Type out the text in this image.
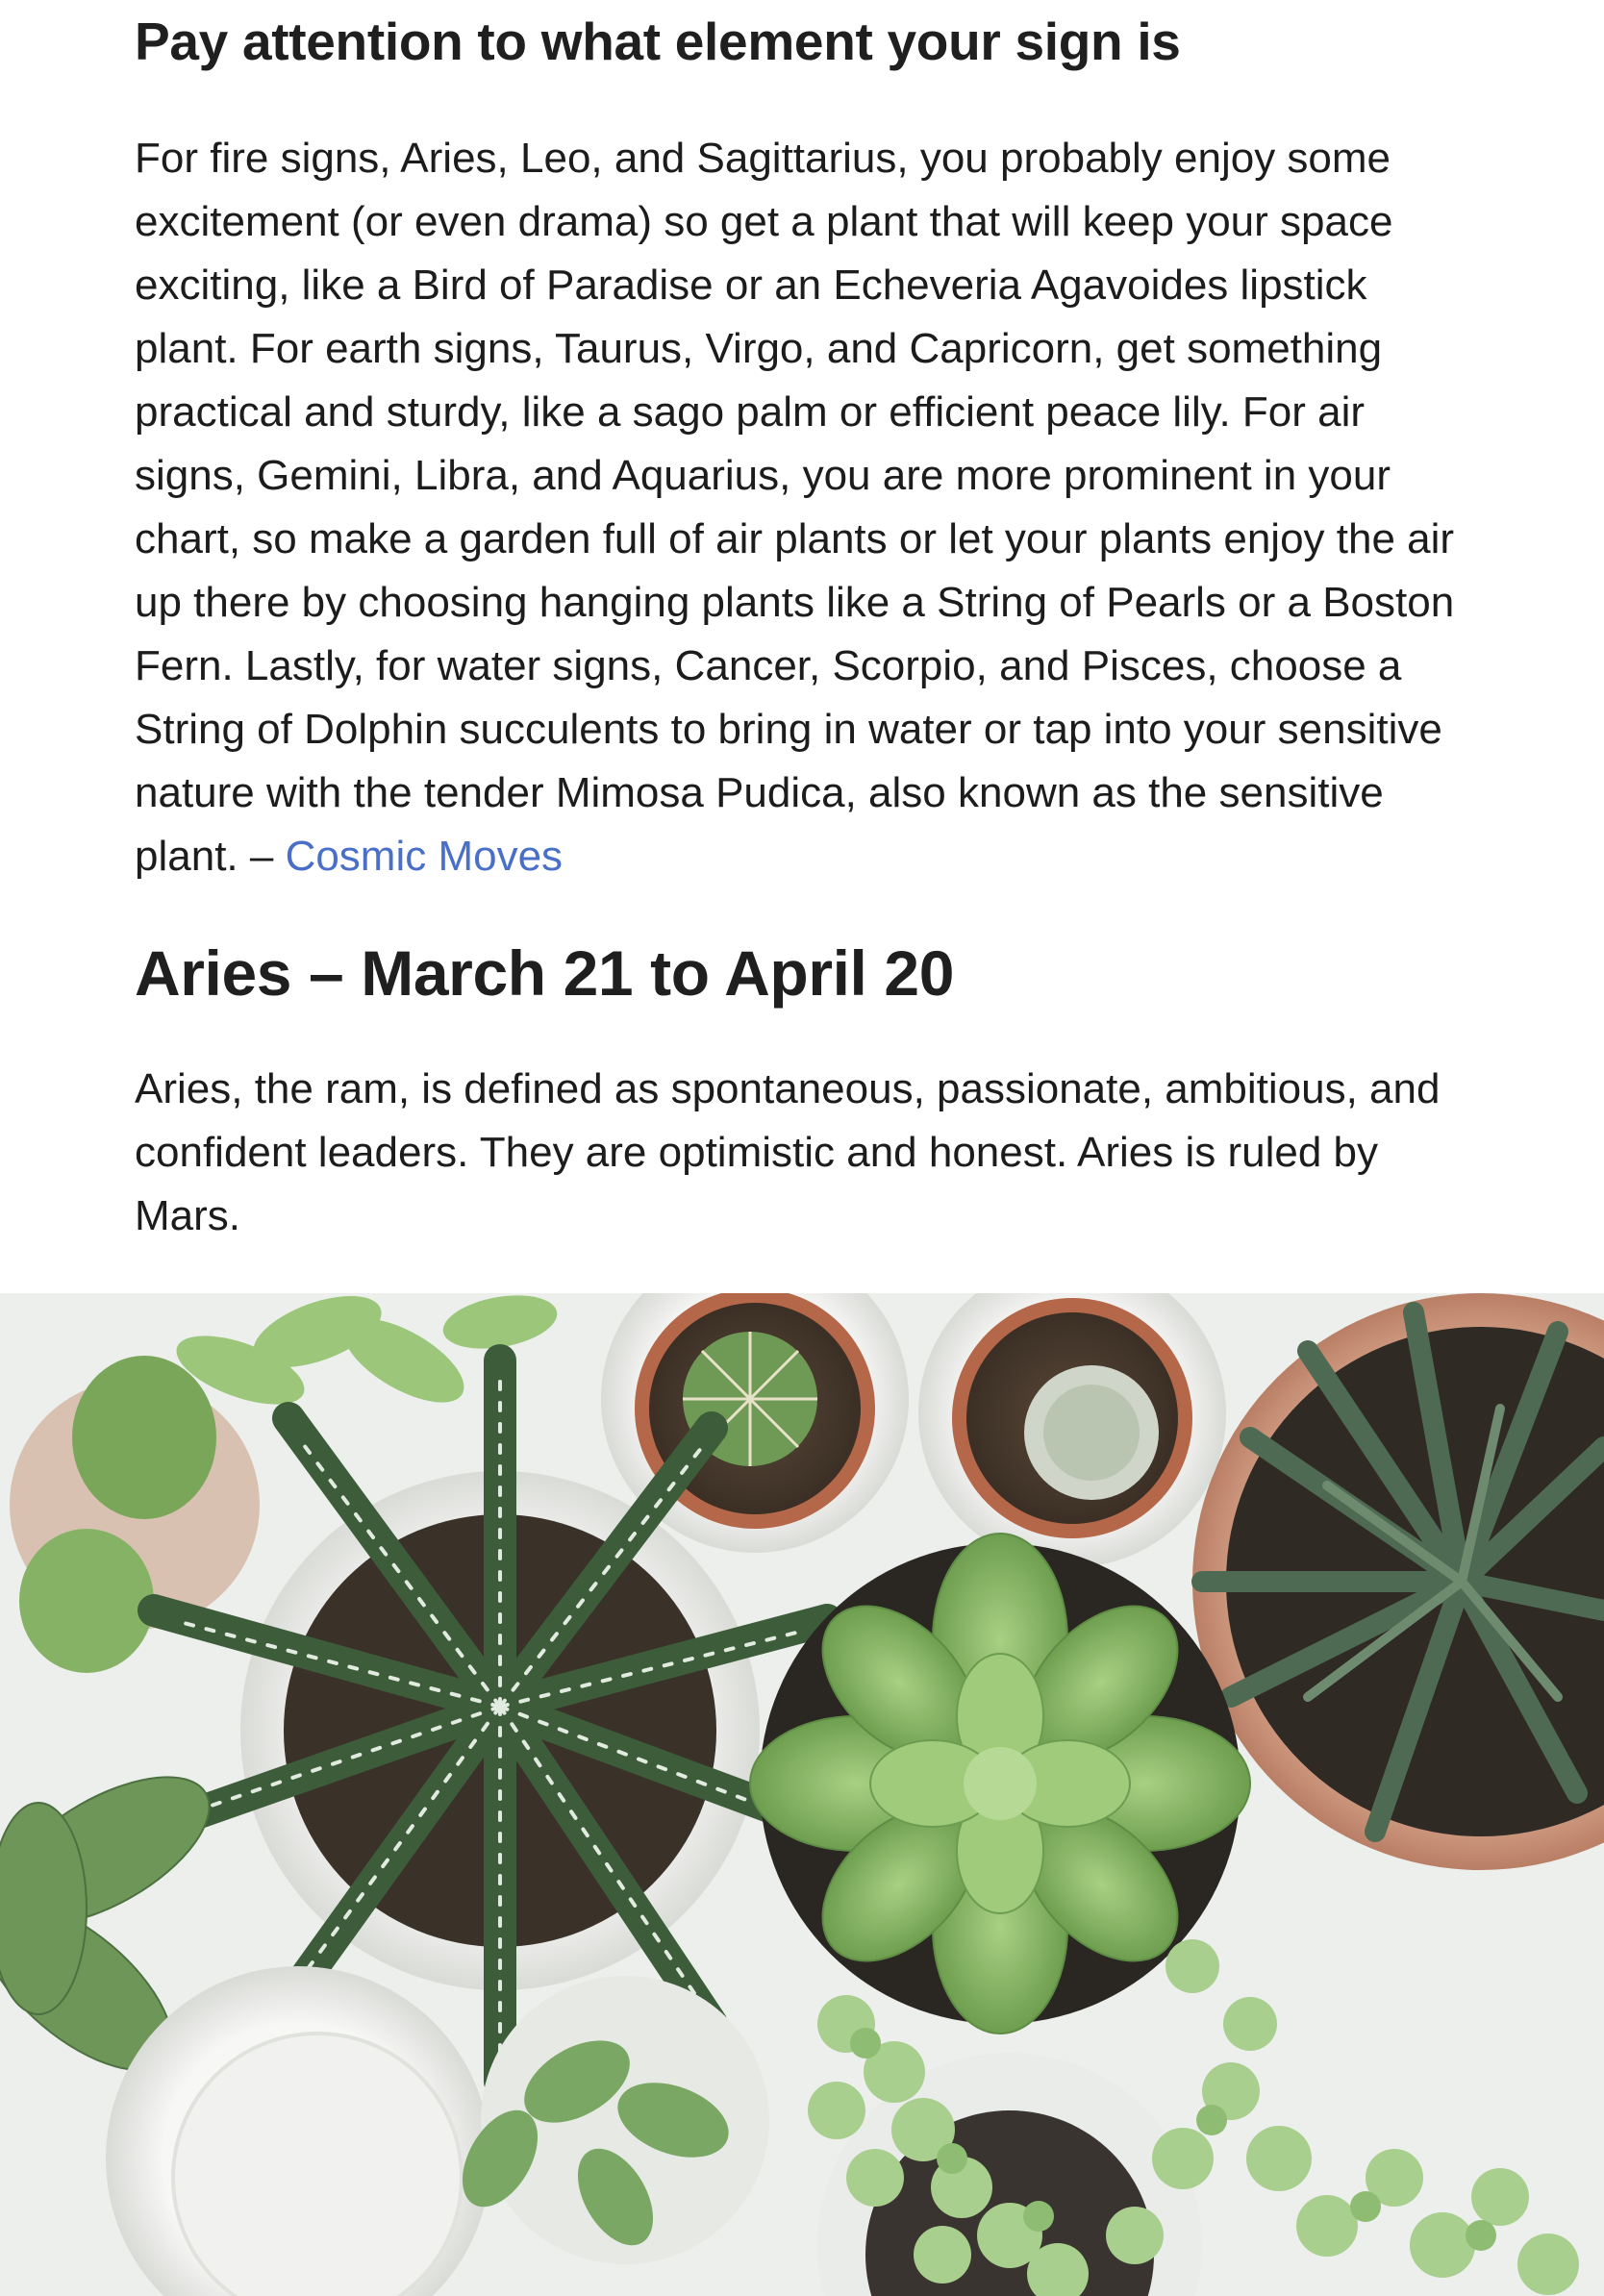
Pay attention to what element your sign is

For fire signs, Aries, Leo, and Sagittarius, you probably enjoy some excitement (or even drama) so get a plant that will keep your space exciting, like a Bird of Paradise or an Echeveria Agavoides lipstick plant. For earth signs, Taurus, Virgo, and Capricorn, get something practical and sturdy, like a sago palm or efficient peace lily. For air signs, Gemini, Libra, and Aquarius, you are more prominent in your chart, so make a garden full of air plants or let your plants enjoy the air up there by choosing hanging plants like a String of Pearls or a Boston Fern. Lastly, for water signs, Cancer, Scorpio, and Pisces, choose a String of Dolphin succulents to bring in water or tap into your sensitive nature with the tender Mimosa Pudica, also known as the sensitive plant. – Cosmic Moves

Aries – March 21 to April 20

Aries, the ram, is defined as spontaneous, passionate, ambitious, and confident leaders. They are optimistic and honest. Aries is ruled by Mars.
